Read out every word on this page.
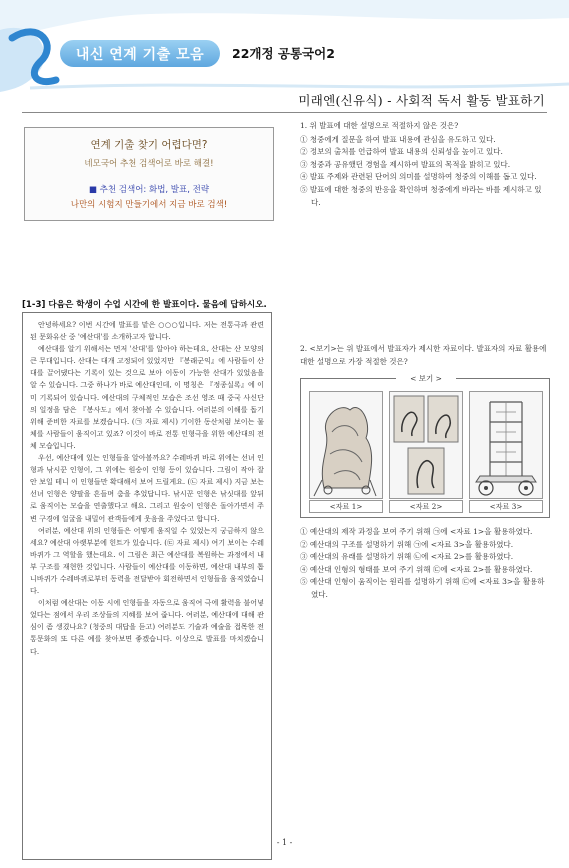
내신 연계 기출 모음	22개정 공통국어2
미래엔(신유식) - 사회적 독서 활동 발표하기
연계 기출 찾기 어렵다면?
네모국어 추천 검색어로 바로 해결!
■ 추천 검색어: 화법, 발표, 전략
나만의 시험지 만들기에서 지금 바로 검색!
[1-3] 다음은 학생이 수업 시간에 한 발표이다. 물음에 답하시오.

안녕하세요? 이번 시간에 발표를 맡은 ○○○입니다. 저는 전통극과 관련된 문화유산 중 '예산대'를 소개하고자 합니다.

예산대를 알기 위해서는 먼저 '산대'를 알아야 하는데요, 산대는 산 모양의 큰 무대입니다. 산대는 대개 고정되어 있었지만 『봉래군익』에 사람들이 산대를 끌어댔다는 기록이 있는 것으로 보아 이동이 가능한 산대가 있었음을 알 수 있습니다. 그중 하나가 바로 예산대인데, 이 명칭은 『정종실록』에 이미 기록되어 있습니다. 예산대의 구체적인 모습은 조선 영조 때 중국 사신단의 일정을 담은 『봉사도』에서 찾아볼 수 있습니다. 여러분의 이해를 돕기 위해 준비한 자료를 보겠습니다. (㉠ 자료 제시) 기이한 동산처럼 보이는 물체를 사람들이 움직이고 있죠? 이것이 바로 전통 인형극을 위한 예산대의 전체 모습입니다.

우선, 예산대에 있는 인형들을 알아볼까요? 수레바퀴 바로 위에는 선녀 인형과 낚시꾼 인형이, 그 위에는 원숭이 인형 등이 있습니다. 그림이 작아 잘 안 보일 테니 이 인형들만 확대해서 보여 드릴게요. (㉡ 자료 제시) 지금 보는 선녀 인형은 양팔을 흔들며 춤을 추었답니다. 낚시꾼 인형은 낚싯대를 앞뒤로 움직이는 모습을 연출했다고 해요. 그리고 원숭이 인형은 돌아가면서 주변 구경에 얼굴을 내밀어 관객들에게 웃음을 주었다고 합니다.

여러분, 예산대 위의 인형들은 어떻게 움직일 수 있었는지 궁금하지 않으세요? 예산대 아랫부분에 힌트가 있습니다. (㉢ 자료 제시) 여기 보이는 수레바퀴가 그 역할을 했는데요. 이 그림은 최근 예산대를 복원하는 과정에서 내부 구조를 재현한 것입니다. 사람들이 예산대를 이동하면, 예산대 내부의 톱니바퀴가 수레바퀴로부터 동력을 전달받아 회전하면서 인형들을 움직였습니다.

이처럼 예산대는 이동 시에 인형들을 자동으로 움직여 극에 활력을 불어넣었다는 점에서 우리 조상들의 지혜를 보여 줍니다. 여러분, 예산대에 대해 관심이 좀 생겼나요? (청중의 대답을 듣고) 여러분도 기술과 예술을 접목한 전통문화의 또 다른 예를 찾아보면 좋겠습니다. 이상으로 발표를 마치겠습니다.

1. 위 발표에 대한 설명으로 적절하지 않은 것은?
① 청중에게 질문을 하여 발표 내용에 관심을 유도하고 있다.
② 정보의 출처를 언급하여 발표 내용의 신뢰성을 높이고 있다.
③ 청중과 공유했던 경험을 제시하여 발표의 목적을 밝히고 있다.
④ 발표 주제와 관련된 단어의 의미를 설명하여 청중의 이해를 돕고 있다.
⑤ 발표에 대한 청중의 반응을 확인하며 청중에게 바라는 바를 제시하고 있다.
2. <보기>는 위 발표에서 발표자가 제시한 자료이다. 발표자의 자료 활용에 대한 설명으로 가장 적절한 것은?
< 보기 >
<자료 1>	<자료 2>	<자료 3>
① 예산대의 제작 과정을 보여 주기 위해 ㉠에 <자료 1>을 활용하였다.
② 예산대의 구조를 설명하기 위해 ㉠에 <자료 3>을 활용하였다.
③ 예산대의 유래를 설명하기 위해 ㉡에 <자료 2>를 활용하였다.
④ 예산대 인형의 형태를 보여 주기 위해 ㉢에 <자료 2>를 활용하였다.
⑤ 예산대 인형이 움직이는 원리를 설명하기 위해 ㉢에 <자료 3>을 활용하였다.
- 1 -
